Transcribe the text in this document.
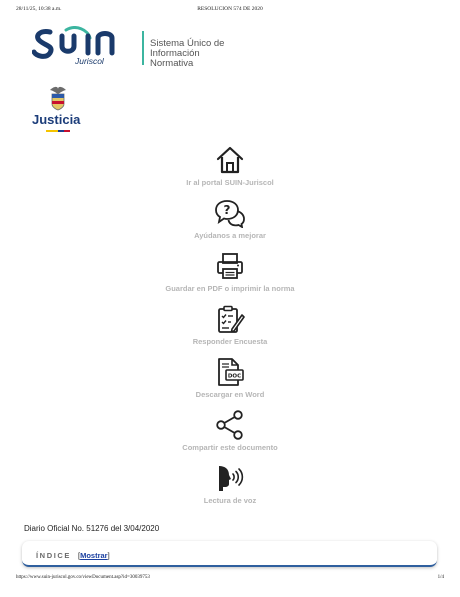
28/11/25, 10:38 a.m.	RESOLUCION 574 DE 2020
Juriscol
Sistema Único de
Información Normativa
Justicia
Ir al portal SUIN-Juriscol
?
Ayúdanos a mejorar
Guardar en PDF o imprimir la norma
Responder Encuesta
DOC
Descargar en Word
Compartir este documento
Lectura de voz
Diario Oficial No. 51276 del 3/04/2020
ÍNDICE [Mostrar]
https://www.suin-juriscol.gov.co/viewDocument.asp?id=30039753	1/4
